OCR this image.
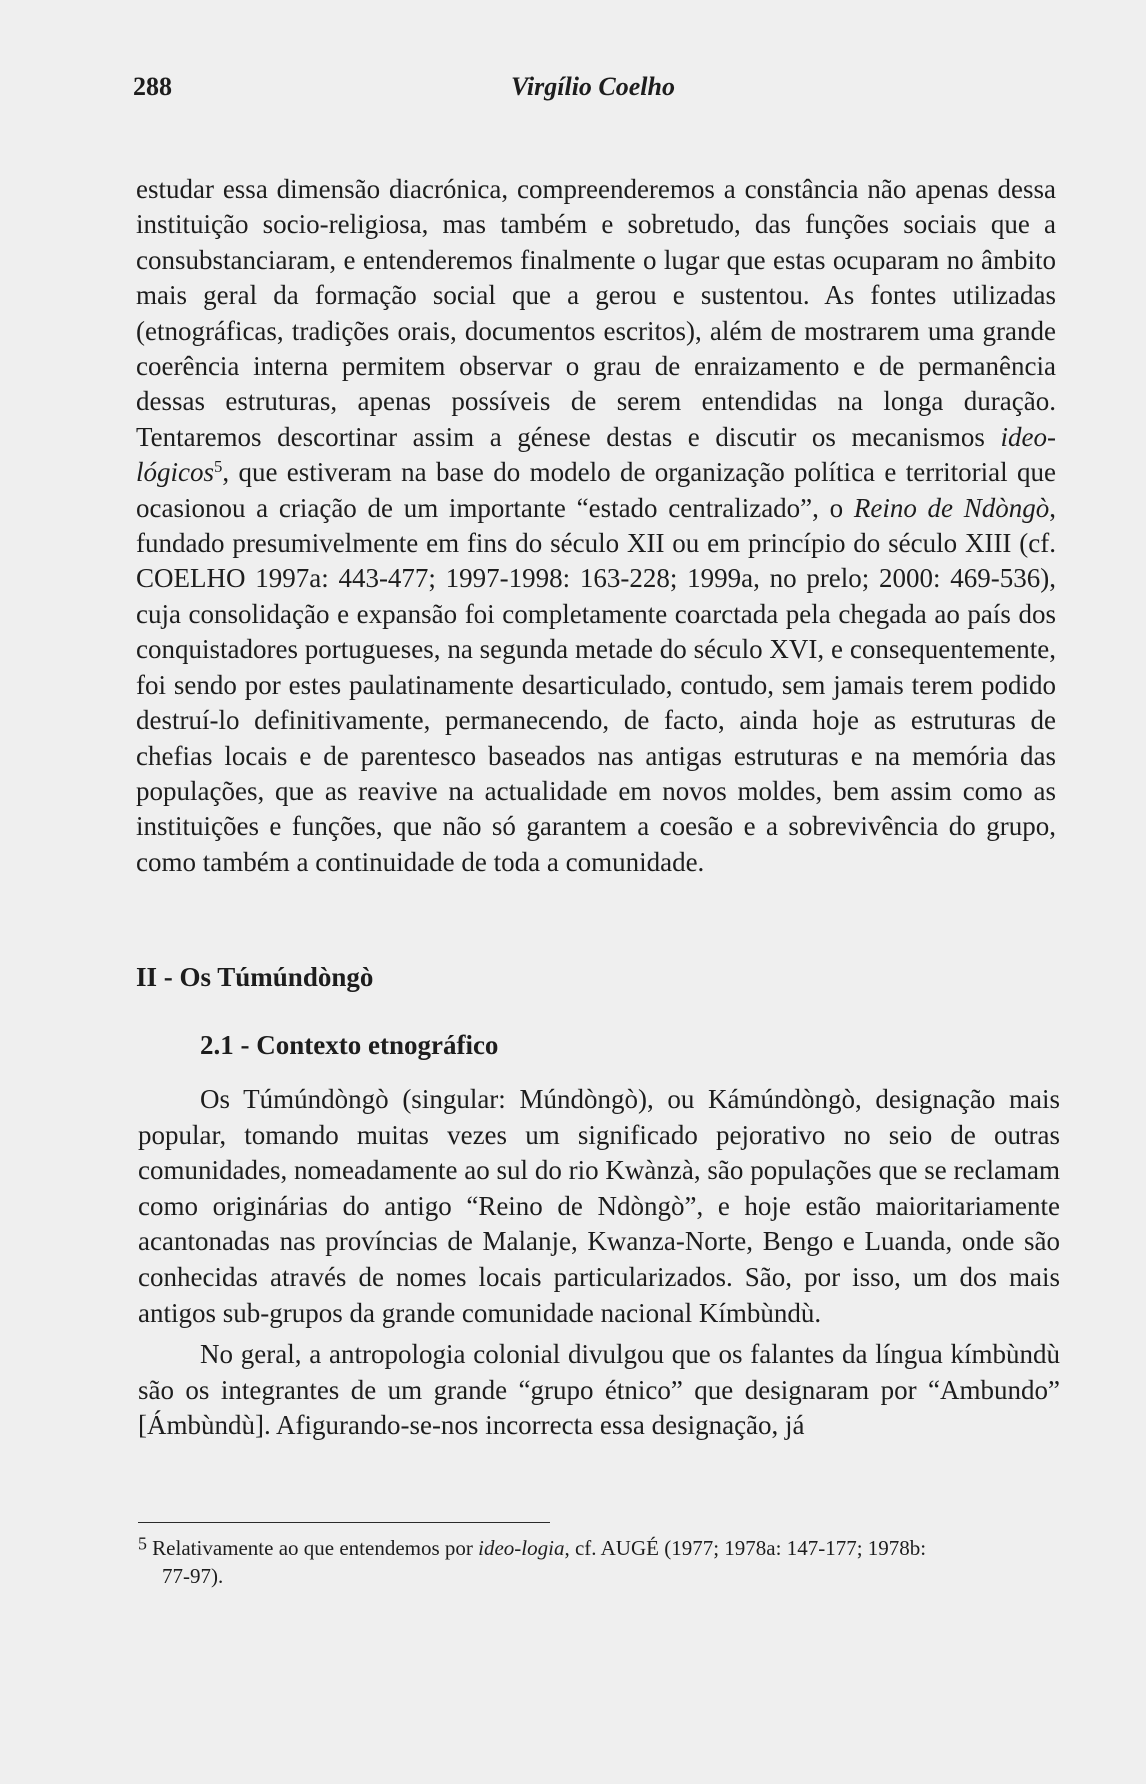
288	Virgílio Coelho

estudar essa dimensão diacrónica, compreenderemos a constância não apenas dessa instituição socio-religiosa, mas também e sobretudo, das funções sociais que a consubstanciaram, e entenderemos finalmente o lugar que estas ocuparam no âmbito mais geral da formação social que a gerou e sustentou. As fontes utilizadas (etnográficas, tradições orais, documentos escritos), além de mostrarem uma grande coerência interna permitem observar o grau de enraizamento e de permanência dessas estruturas, apenas possíveis de serem entendidas na longa duração. Tentaremos descortinar assim a génese destas e discutir os mecanismos ideo-lógicos$^5$, que estiveram na base do modelo de organização política e territorial que ocasionou a criação de um importante “estado centralizado”, o Reino de Ndòngò, fundado presumivelmente em fins do século XII ou em princípio do século XIII (cf. COELHO 1997a: 443-477; 1997-1998: 163-228; 1999a, no prelo; 2000: 469-536), cuja consolidação e expansão foi completamente coarctada pela chegada ao país dos conquistadores portugueses, na segunda metade do século XVI, e consequentemente, foi sendo por estes paulatinamente desarticulado, contudo, sem jamais terem podido destruí-lo definitivamente, permanecendo, de facto, ainda hoje as estruturas de chefias locais e de parentesco baseados nas antigas estruturas e na memória das populações, que as reavive na actualidade em novos moldes, bem assim como as instituições e funções, que não só garantem a coesão e a sobrevivência do grupo, como também a continuidade de toda a comunidade.

II - Os Túmúndòngò
2.1 - Contexto etnográfico

Os Túmúndòngò (singular: Múndòngò), ou Kámúndòngò, designação mais popular, tomando muitas vezes um significado pejorativo no seio de outras comunidades, nomeadamente ao sul do rio Kwànzà, são populações que se reclamam como originárias do antigo “Reino de Ndòngò”, e hoje estão maioritariamente acantonadas nas províncias de Malanje, Kwanza-Norte, Bengo e Luanda, onde são conhecidas através de nomes locais particularizados. São, por isso, um dos mais antigos sub-grupos da grande comunidade nacional Kímbùndù.

No geral, a antropologia colonial divulgou que os falantes da língua kímbùndù são os integrantes de um grande “grupo étnico” que designaram por “Ambundo” [Ámbùndù]. Afigurando-se-nos incorrecta essa designação, já

5 Relativamente ao que entendemos por ideo-logia, cf. AUGÉ (1977; 1978a: 147-177; 1978b:
77-97).
